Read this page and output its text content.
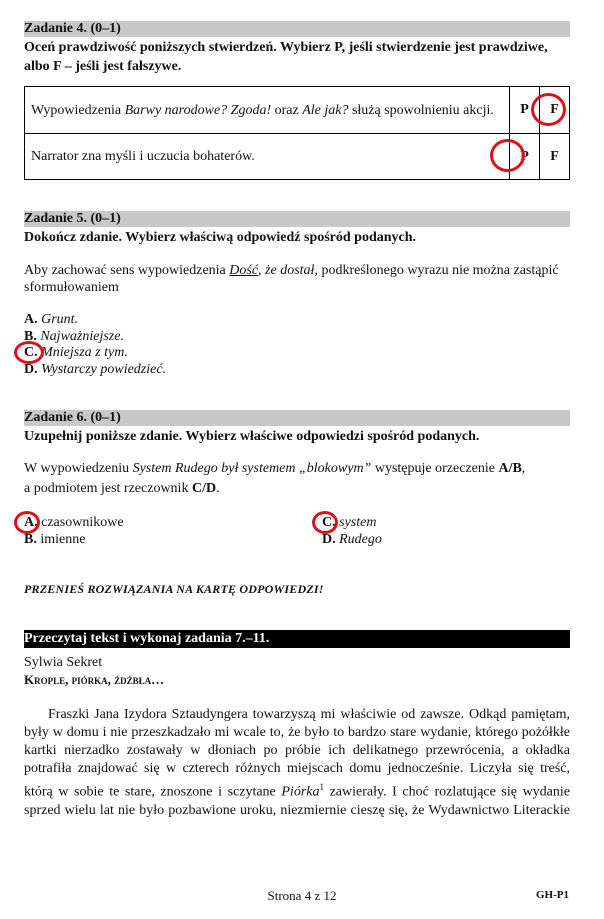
Zadanie 4. (0–1)
Oceń prawdziwość poniższych stwierdzeń. Wybierz P, jeśli stwierdzenie jest prawdziwe, albo F – jeśli jest fałszywe.
Wypowiedzenia Barwy narodowe? Zgoda! oraz Ale jak? służą spowolnieniu akcji.	P	F
Narrator zna myśli i uczucia bohaterów.	P	F
Zadanie 5. (0–1)
Dokończ zdanie. Wybierz właściwą odpowiedź spośród podanych.
Aby zachować sens wypowiedzenia Dość, że dostał, podkreślonego wyrazu nie można zastąpić sformułowaniem
A. Grunt.
B. Najważniejsze.
C. Mniejsza z tym.
D. Wystarczy powiedzieć.
Zadanie 6. (0–1)
Uzupełnij poniższe zdanie. Wybierz właściwe odpowiedzi spośród podanych.
W wypowiedzeniu System Rudego był systemem „blokowym” występuje orzeczenie A/B,
a podmiotem jest rzeczownik C/D.
A. czasownikowe
B. imienne
C. system
D. Rudego
PRZENIEŚ ROZWIĄZANIA NA KARTĘ ODPOWIEDZI!
Przeczytaj tekst i wykonaj zadania 7.–11.
Sylwia Sekret
Krople, piórka, źdźbła…
Fraszki Jana Izydora Sztaudyngera towarzyszą mi właściwie od zawsze. Odkąd pamiętam,
były w domu i nie przeszkadzało mi wcale to, że było to bardzo stare wydanie, którego pożółkłe
kartki nierzadko zostawały w dłoniach po próbie ich delikatnego przewrócenia, a okładka
potrafiła znajdować się w czterech różnych miejscach domu jednocześnie. Liczyła się treść,
którą w sobie te stare, znoszone i sczytane Piórka$^1$ zawierały. I choć rozlatujące się wydanie
sprzed wielu lat nie było pozbawione uroku, niezmiernie cieszę się, że Wydawnictwo Literackie
Strona 4 z 12	GH-P1
